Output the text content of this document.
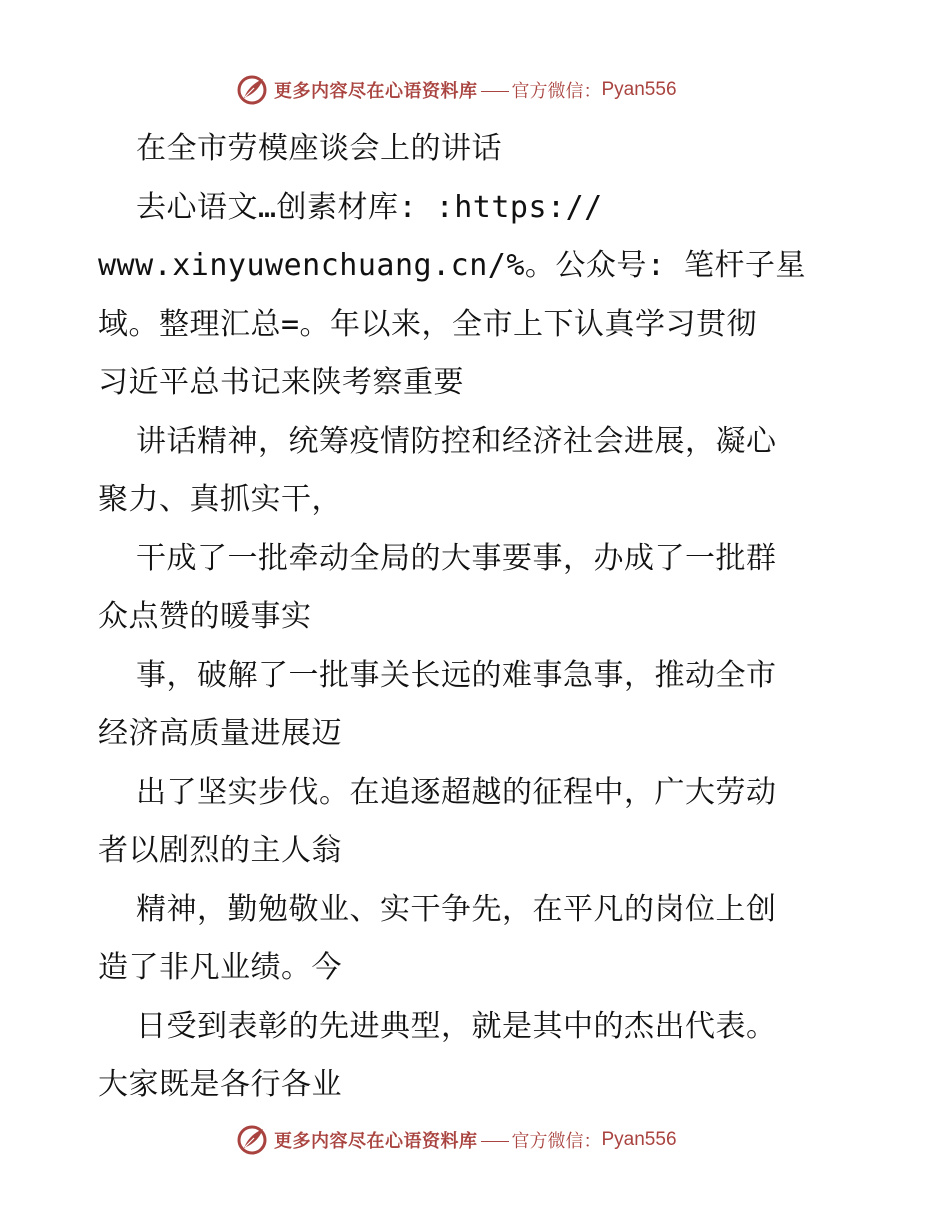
更多内容尽在心语资料库 官方微信： Pyan556
在全市劳模座谈会上的讲话
去心语文…创素材库: :https://
www.xinyuwenchuang.cn/%。公众号: 笔杆子星
域。整理汇总=。年以来，全市上下认真学习贯彻
习近平总书记来陕考察重要
讲话精神，统筹疫情防控和经济社会进展，凝心
聚力、真抓实干，
干成了一批牵动全局的大事要事，办成了一批群
众点赞的暖事实
事，破解了一批事关长远的难事急事，推动全市
经济高质量进展迈
出了坚实步伐。在追逐超越的征程中，广大劳动
者以剧烈的主人翁
精神，勤勉敬业、实干争先，在平凡的岗位上创
造了非凡业绩。今
日受到表彰的先进典型，就是其中的杰出代表。
大家既是各行各业
更多内容尽在心语资料库 官方微信： Pyan556
